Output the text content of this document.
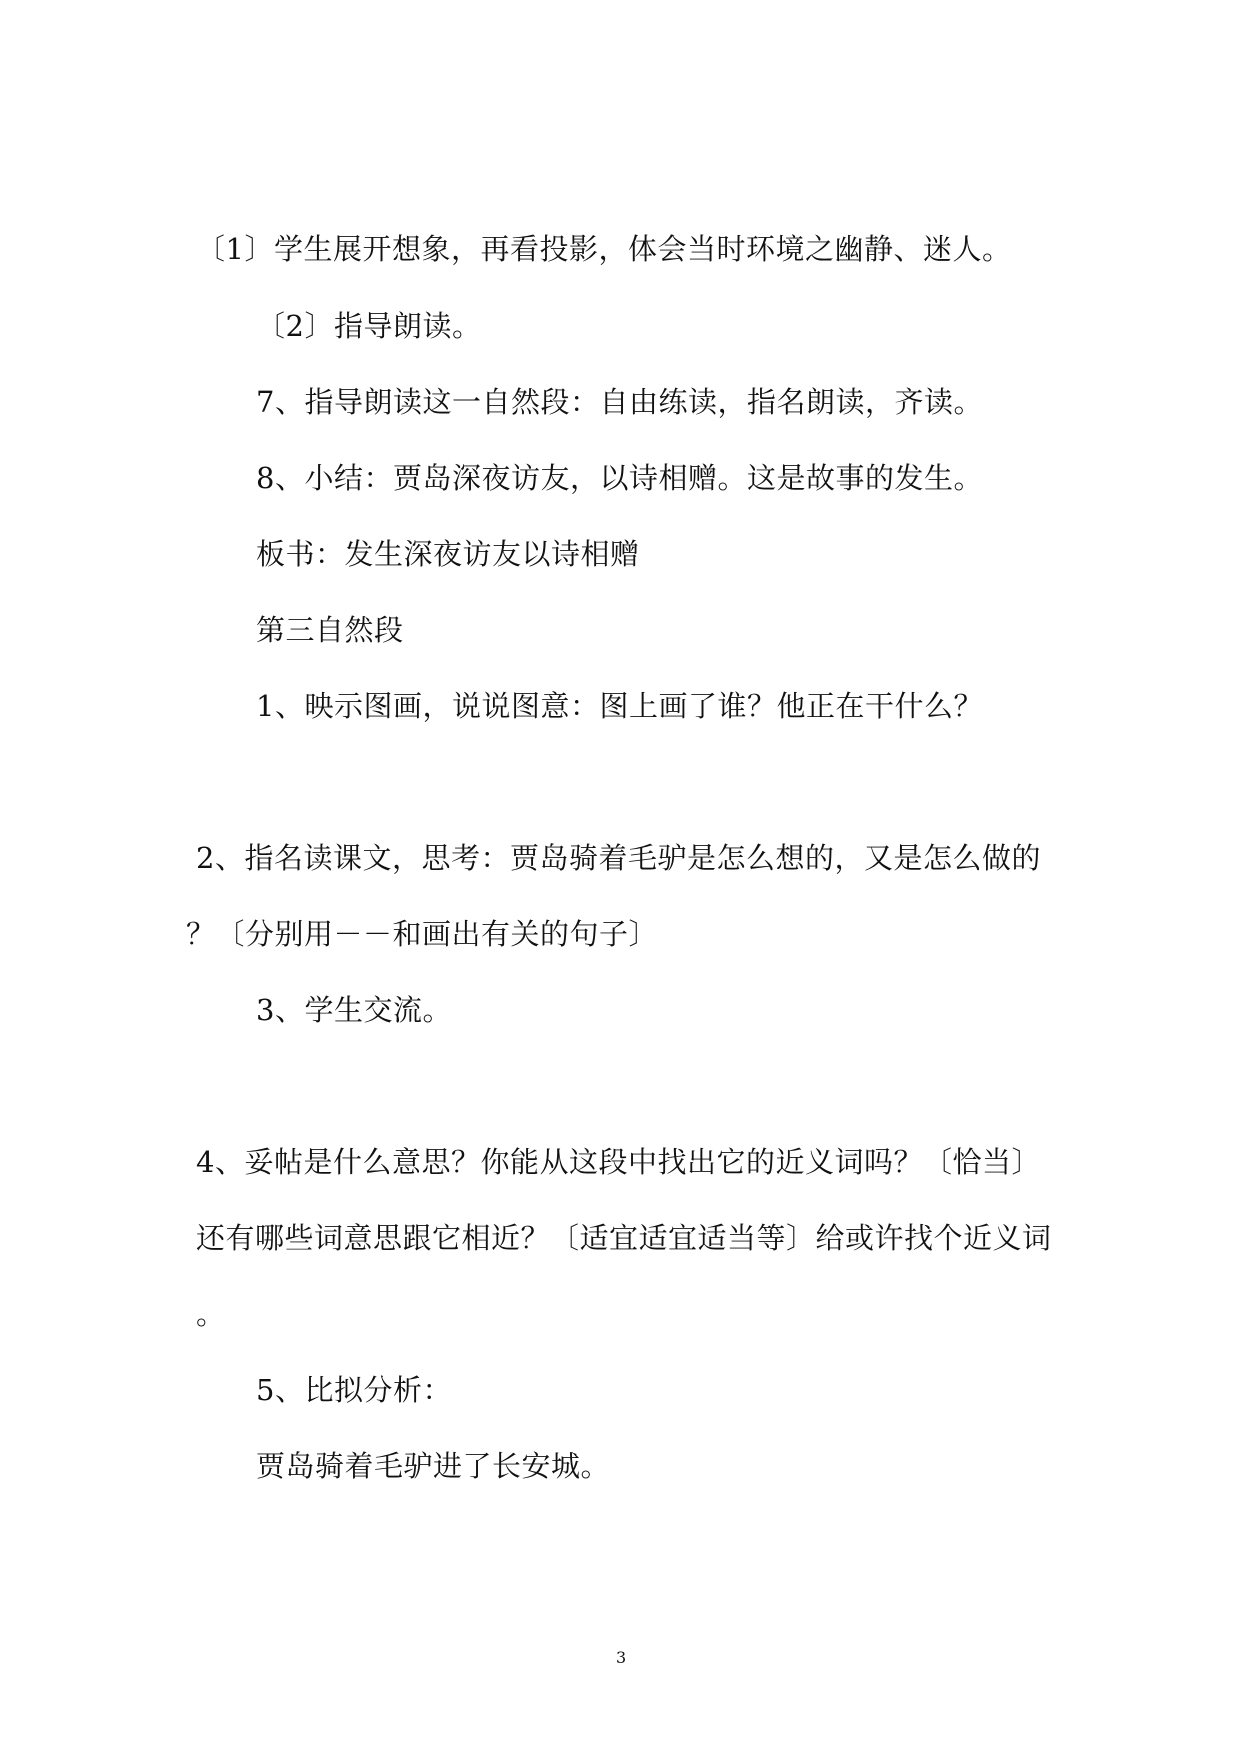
〔1〕学生展开想象，再看投影，体会当时环境之幽静、迷人。
〔2〕指导朗读。
7、指导朗读这一自然段：自由练读，指名朗读，齐读。
8、小结：贾岛深夜访友，以诗相赠。这是故事的发生。
板书：发生深夜访友以诗相赠
第三自然段
1、映示图画，说说图意：图上画了谁？他正在干什么？
2、指名读课文，思考：贾岛骑着毛驴是怎么想的，又是怎么做的
？〔分别用－－和画出有关的句子〕
3、学生交流。
4、妥帖是什么意思？你能从这段中找出它的近义词吗？〔恰当〕
还有哪些词意思跟它相近？〔适宜适宜适当等〕给或许找个近义词
。
5、比拟分析：
贾岛骑着毛驴进了长安城。
3
